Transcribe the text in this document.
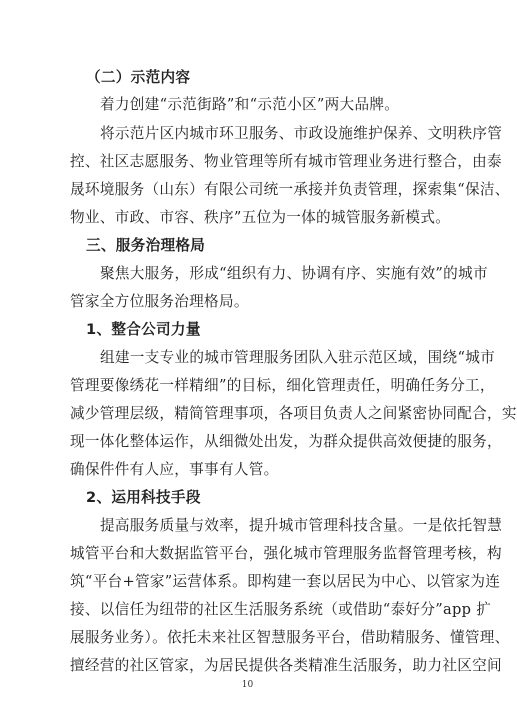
（二）示范内容
着力创建“示范街路”和“示范小区”两大品牌。
将示范片区内城市环卫服务、市政设施维护保养、文明秩序管
控、社区志愿服务、物业管理等所有城市管理业务进行整合，由泰
晟环境服务（山东）有限公司统一承接并负责管理，探索集“保洁、
物业、市政、市容、秩序”五位为一体的城管服务新模式。
三、服务治理格局
聚焦大服务，形成“组织有力、协调有序、实施有效”的城市
管家全方位服务治理格局。
1、整合公司力量
组建一支专业的城市管理服务团队入驻示范区域，围绕“城市
管理要像绣花一样精细”的目标，细化管理责任，明确任务分工，
减少管理层级，精简管理事项，各项目负责人之间紧密协同配合，实
现一体化整体运作，从细微处出发，为群众提供高效便捷的服务，
确保件件有人应，事事有人管。
2、运用科技手段
提高服务质量与效率，提升城市管理科技含量。一是依托智慧
城管平台和大数据监管平台，强化城市管理服务监督管理考核，构
筑“平台+管家”运营体系。即构建一套以居民为中心、以管家为连
接、以信任为纽带的社区生活服务系统（或借助“泰好分”app 扩
展服务业务）。依托未来社区智慧服务平台，借助精服务、懂管理、
擅经营的社区管家，为居民提供各类精准生活服务，助力社区空间
10
